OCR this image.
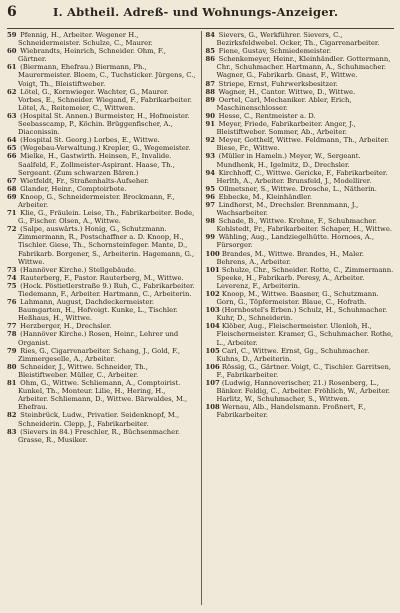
6	I. Abtheil. Adreß- und Wohnungs-Anzeiger.

59 Pfennig, H., Arbeiter. Wegener H., Schneidermeister. Schulze, C., Maurer.

60 Wiebrandts, Heinrich, Schneider. Ohm, F., Gärtner.

61 (Biermann, Ehefrau.) Biermann, Ph., Maurermeister. Bloem, C., Tuchsticker. Jürgens, C., Voigt, Th., Bleistiftweber.

62 Lötel, G., Kornwieger. Wachter, G., Maurer. Vorbes, E., Schneider. Wiegand, F., Fabrikarbeiter. Lötel, A., Reitemeier, C., Wittwen.

63 (Hospital St. Annen.) Burmeister, H., Hofmeister. Seebasscamp, P., Köchin. Brüggenfischer, A., Diaconissin.

64 (Hospital St. Georg.) Lorbes, E., Wittwe.

65 (Wegebau-Verwaltung.) Krepler, G., Wegemeister.

66 Mielke, H., Gastwirth. Heinsen, F., Invalide. Saalfeld, F., Zollmeister-Aspirant. Haase, Th., Sergeant. (Zum schwarzen Bären.)

67 Wietfeldt, Fr., Straßenhalts-Aufseher.

68 Glander, Heinr., Comptoirbote.

69 Knoop, G., Schneidermeister. Brockmann, F., Arbeiter.

71 Klie, G., Fräulein. Leise, Th., Fabrikarbeiter. Bode, G., Fischer. Olsen, A., Wittwe.

72 (Salpe, auswärts.) Honig, G., Schutzmann. Zimmermann, R., Postschaffner a. D. Knoop, H., Tischler. Giese, Th., Schornsteinfeger. Mante, D., Fabrikarb. Borgener, S., Arbeiterin. Hagemann, G., Wittwe.

73 (Hannöver Kirche.) Stellgebäude.

74 Rauterberg, F., Pastor. Rauterberg, M., Wittwe.

75 (Hock. Pöstietlerstraße 9.) Ruh, C., Fabrikarbeiter. Tiedemann, F., Arbeiter. Hartmann, C., Arbeiterin.

76 Lahmann, August, Dachdeckermeister. Baumgarten, H., Hofvoigt. Kunke, L., Tischler. Heßhaus, H., Wittwe.

77 Herzberger, H., Drechsler.

78 (Hannöver Kirche.) Rosen, Heinr., Lehrer und Organist.

79 Ries, G., Cigarrenarbeiter. Schang, J., Gold, F., Zimmergeselle, A., Arbeiter.

80 Schneider, J., Wittwe. Schneider, Th., Bleistiftweber. Müller, C., Arbeiter.

81 Ohm, G., Wittwe. Schliemann, A., Comptoirist. Kunkel, Th., Monteur. Lilie, H., Hering, H., Arbeiter. Schliemann, D., Wittwe. Bärwaldes, M., Ehefrau.

82 Steinbrück, Ludw., Privatier. Seidenknopf, M., Schneiderin. Clepp, J., Fabrikarbeiter.

83 (Sievers in 84.) Freschler, R., Büchsenmacher. Grasse, R., Musiker.

84 Sievers, G., Werkführer. Sievers, C., Bezirksfeldwebel. Ocker, Th., Cigarrenarbeiter.

85 Fiene, Gustav, Schmiedemeister.

86 Schenkemeyer, Heinr., Kleinhändler. Gottermann, Chr., Schuhmacher. Hartmann, A., Schuhmacher. Wagner, G., Fabrikarb. Gnast, F., Wittwe.

87 Striepe, Ernst, Fuhrwerksbesitzer.

88 Wagner, H., Cantor. Wittwe, D., Wittwe.

89 Oertel, Carl, Mechaniker. Abler, Erich, Maschinenschlosser.

90 Hesse, C., Rentmeister a. D.

91 Meyer, Friede, Fabrikarbeiter. Anger, J., Bleistiftweber. Sommer, Ab., Arbeiter.

92 Meyer, Gotthelf, Wittwe. Feldmann, Th., Arbeiter. Biese, Fr., Wittwe.

93 (Müller in Hameln.) Meyer, W., Sergeant. Mundhenk, H., Igelmitz, D., Drechsler.

94 Kirchhoff, C., Wittwe. Gericke, F., Fabrikarbeiter. Herlth, A., Arbeiter. Brunsfeld, J., Modellirer.

95 Ollmetsner, S., Wittwe. Drosche, L., Nätherin.

96 Ebbecke, M., Kleinhändler.

97 Lindhorst, M., Drechsler. Brennmann, J., Wachsarbeiter.

98 Schade, B., Wittwe. Krohne, F., Schuhmacher. Kohlstedt, Fr., Fabrikarbeiter. Schaper, H., Wittwe.

99 Wähling, Aug., Landziegelhütte. Hornoes, A., Fürsorger.

100 Brandes, M., Wittwe. Brandes, H., Maler. Behrens, A., Arbeiter.

101 Schulze, Chr., Schneider. Rotte, C., Zimmermann. Speeke, H., Fabrikarb. Peresy, A., Arbeiter. Leverenz, F., Arbeiterin.

102 Knoop, M., Wittwe. Baasner, G., Schutzmann. Gorn, G., Töpfermeister. Blaue, C., Hofrath.

103 (Hornbostel's Erben.) Schulz, H., Schuhmacher. Kuhr, D., Schneiderin.

104 Klöber, Aug., Fleischermeister. Ulenloh, H., Fleischermeister. Kramer, G., Schuhmacher. Rothe, L., Arbeiter.

105 Carl, C., Wittwe. Ernst, Gg., Schuhmacher. Kuhns, D., Arbeiterin.

106 Rössig, G., Gärtner. Voigt, C., Tischler. Garritsen, F., Fabrikarbeiter.

107 (Ludwig, Hannoverischer, 21.) Rosenberg, L., Bänker. Feldig, C., Arbeiter. Fröhlich, W., Arbeiter. Harlitz, W., Schuhmacher, S., Wittwen.

108 Wernau, Alb., Handelsmann. Froßnert, F., Fabrikarbeiter.
